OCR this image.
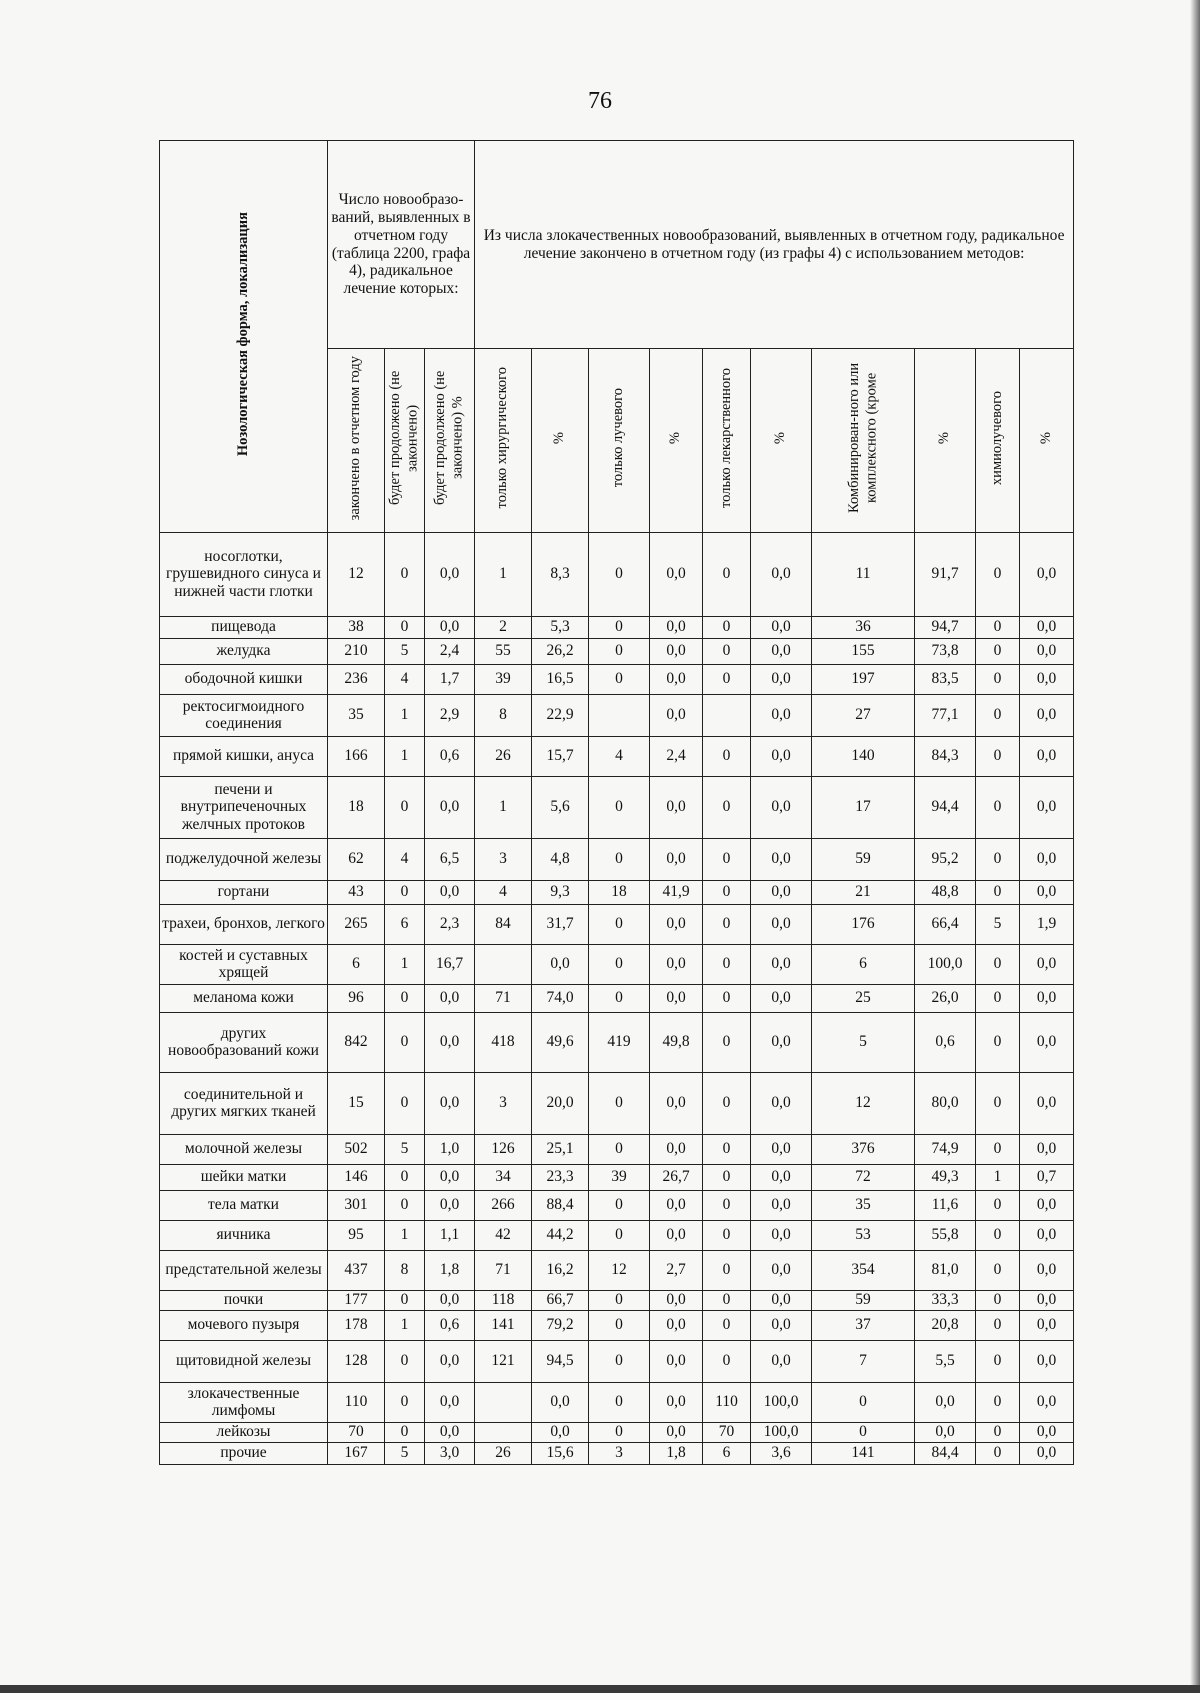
76
Нозологическая форма, локализация	Число новообразо-ваний, выявленных в отчетном году (таблица 2200, графа 4), радикальное лечение которых:			Из числа злокачественных новообразований, выявленных в отчетном году, радикальное лечение закончено в отчетном году (из графы 4) с использованием методов:									
	закончено в отчетном году	будет продолжено (не закончено)	будет продолжено (не закончено) %	только хирургического	%	только лучевого	%	только лекарственного	%	Комбинирован-ного или комплексного (кроме	%	химиолучевого	%
носоглотки, грушевидного синуса и нижней части глотки	12	0	0,0	1	8,3	0	0,0	0	0,0	11	91,7	0	0,0
пищевода	38	0	0,0	2	5,3	0	0,0	0	0,0	36	94,7	0	0,0
желудка	210	5	2,4	55	26,2	0	0,0	0	0,0	155	73,8	0	0,0
ободочной кишки	236	4	1,7	39	16,5	0	0,0	0	0,0	197	83,5	0	0,0
ректосигмоидного соединения	35	1	2,9	8	22,9		0,0		0,0	27	77,1	0	0,0
прямой кишки, ануса	166	1	0,6	26	15,7	4	2,4	0	0,0	140	84,3	0	0,0
печени и внутрипеченочных желчных протоков	18	0	0,0	1	5,6	0	0,0	0	0,0	17	94,4	0	0,0
поджелудочной железы	62	4	6,5	3	4,8	0	0,0	0	0,0	59	95,2	0	0,0
гортани	43	0	0,0	4	9,3	18	41,9	0	0,0	21	48,8	0	0,0
трахеи, бронхов, легкого	265	6	2,3	84	31,7	0	0,0	0	0,0	176	66,4	5	1,9
костей и суставных хрящей	6	1	16,7		0,0	0	0,0	0	0,0	6	100,0	0	0,0
меланома кожи	96	0	0,0	71	74,0	0	0,0	0	0,0	25	26,0	0	0,0
других новообразований кожи	842	0	0,0	418	49,6	419	49,8	0	0,0	5	0,6	0	0,0
соединительной и других мягких тканей	15	0	0,0	3	20,0	0	0,0	0	0,0	12	80,0	0	0,0
молочной железы	502	5	1,0	126	25,1	0	0,0	0	0,0	376	74,9	0	0,0
шейки матки	146	0	0,0	34	23,3	39	26,7	0	0,0	72	49,3	1	0,7
тела матки	301	0	0,0	266	88,4	0	0,0	0	0,0	35	11,6	0	0,0
яичника	95	1	1,1	42	44,2	0	0,0	0	0,0	53	55,8	0	0,0
предстательной железы	437	8	1,8	71	16,2	12	2,7	0	0,0	354	81,0	0	0,0
почки	177	0	0,0	118	66,7	0	0,0	0	0,0	59	33,3	0	0,0
мочевого пузыря	178	1	0,6	141	79,2	0	0,0	0	0,0	37	20,8	0	0,0
щитовидной железы	128	0	0,0	121	94,5	0	0,0	0	0,0	7	5,5	0	0,0
злокачественные лимфомы	110	0	0,0		0,0	0	0,0	110	100,0	0	0,0	0	0,0
лейкозы	70	0	0,0		0,0	0	0,0	70	100,0	0	0,0	0	0,0
прочие	167	5	3,0	26	15,6	3	1,8	6	3,6	141	84,4	0	0,0
